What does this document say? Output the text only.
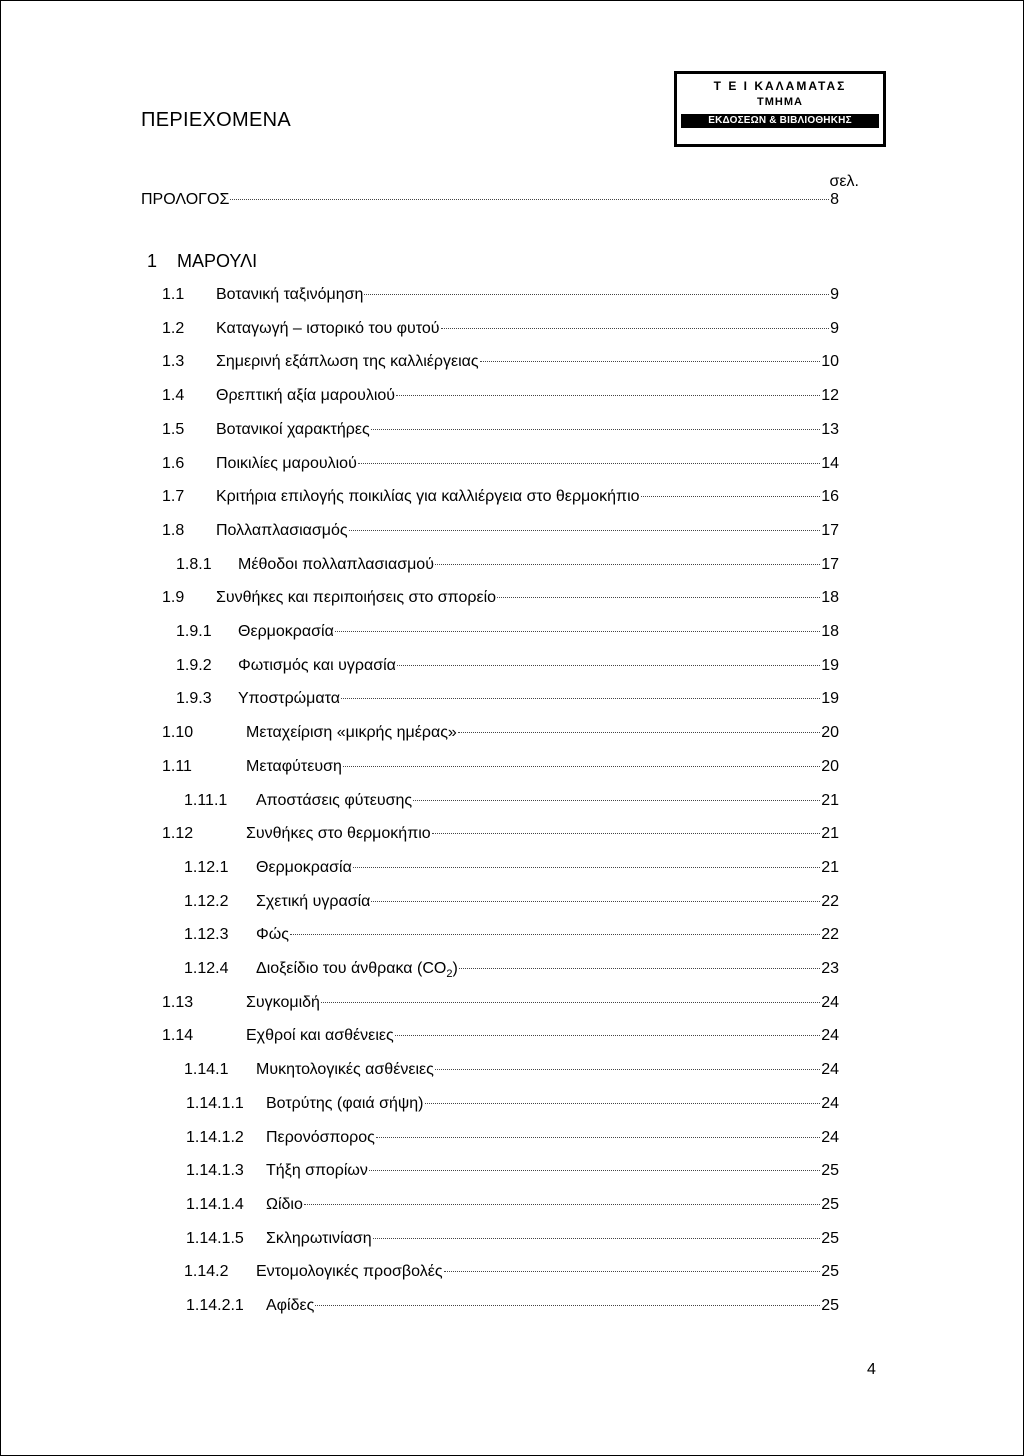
ΠΕΡΙΕΧΟΜΕΝΑ
Τ Ε Ι ΚΑΛΑΜΑΤΑΣ
ΤΜΗΜΑ
ΕΚΔΟΣΕΩΝ & ΒΙΒΛΙΟΘΗΚΗΣ
σελ.
ΠΡΟΛΟΓΟΣ	8
1 ΜΑΡΟΥΛΙ
1.1	Βοτανική ταξινόμηση	9
1.2	Καταγωγή – ιστορικό του φυτού	9
1.3	Σημερινή εξάπλωση της καλλιέργειας	10
1.4	Θρεπτική αξία μαρουλιού	12
1.5	Βοτανικοί χαρακτήρες	13
1.6	Ποικιλίες μαρουλιού	14
1.7	Κριτήρια επιλογής ποικιλίας για καλλιέργεια στο θερμοκήπιο	16
1.8	Πολλαπλασιασμός	17
1.8.1	Μέθοδοι πολλαπλασιασμού	17
1.9	Συνθήκες και περιποιήσεις στο σπορείο	18
1.9.1	Θερμοκρασία	18
1.9.2	Φωτισμός και υγρασία	19
1.9.3	Υποστρώματα	19
1.10	Μεταχείριση «μικρής ημέρας»	20
1.11	Μεταφύτευση	20
1.11.1	Αποστάσεις φύτευσης	21
1.12	Συνθήκες στο θερμοκήπιο	21
1.12.1	Θερμοκρασία	21
1.12.2	Σχετική υγρασία	22
1.12.3	Φώς	22
1.12.4	Διοξείδιο του άνθρακα $(CO_2)$	23
1.13	Συγκομιδή	24
1.14	Εχθροί και ασθένειες	24
1.14.1	Μυκητολογικές ασθένειες	24
1.14.1.1	Βοτρύτης (φαιά σήψη)	24
1.14.1.2	Περονόσπορος	24
1.14.1.3	Τήξη σπορίων	25
1.14.1.4	Ωίδιο	25
1.14.1.5	Σκληρωτινίαση	25
1.14.2	Εντομολογικές προσβολές	25
1.14.2.1	Αφίδες	25
4
